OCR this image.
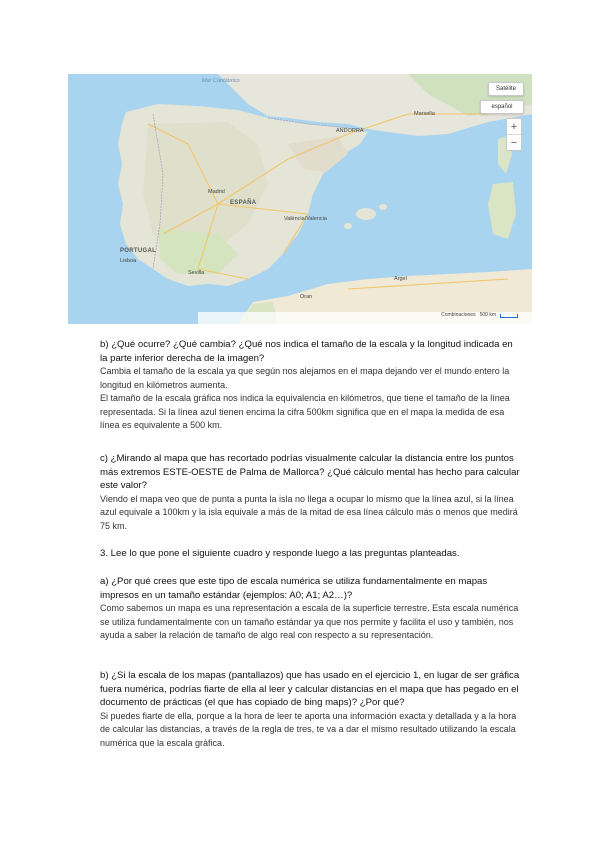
Mar Cantábrico
ANDORRA
Marsella
ESPAÑA
Madrid
PORTUGAL
Lisboa
València/Valencia
Sevilla
Oran
Argel
Satélite
español
+
−
Combinaciones 500 km

b) ¿Qué ocurre? ¿Qué cambia? ¿Qué nos indica el tamaño de la escala y la longitud indicada en la parte inferior derecha de la imagen?

Cambia el tamaño de la escala ya que según nos alejamos en el mapa dejando ver el mundo entero la longitud en kilómetros aumenta.

El tamaño de la escala gráfica nos indica la equivalencia en kilómetros, que tiene el tamaño de la línea representada. Si la línea azul tienen encima la cifra 500km significa que en el mapa la medida de esa línea es equivalente a 500 km.

c) ¿Mirando al mapa que has recortado podrías visualmente calcular la distancia entre los puntos más extremos ESTE-OESTE de Palma de Mallorca? ¿Qué cálculo mental has hecho para calcular este valor?

Viendo el mapa veo que de punta a punta la isla no llega a ocupar lo mismo que la línea azul, si la línea azul equivale a 100km y la isla equivale a más de la mitad de esa línea cálculo más o menos que medirá 75 km.

3. Lee lo que pone el siguiente cuadro y responde luego a las preguntas planteadas.

a) ¿Por qué crees que este tipo de escala numérica se utiliza fundamentalmente en mapas impresos en un tamaño estándar (ejemplos: A0; A1; A2…)?

Como sabemos un mapa es una representación a escala de la superficie terrestre. Esta escala numérica se utiliza fundamentalmente con un tamaño estándar ya que nos permite y facilita el uso y también, nos ayuda a saber la relación de tamaño de algo real con respecto a su representación.

b) ¿Si la escala de los mapas (pantallazos) que has usado en el ejercicio 1, en lugar de ser gráfica fuera numérica, podrías fiarte de ella al leer y calcular distancias en el mapa que has pegado en el documento de prácticas (el que has copiado de bing maps)? ¿Por qué?

Si puedes fiarte de ella, porque a la hora de leer te aporta una información exacta y detallada y a la hora de calcular las distancias, a través de la regla de tres, te va a dar el mismo resultado utilizando la escala numérica que la escala gráfica.
